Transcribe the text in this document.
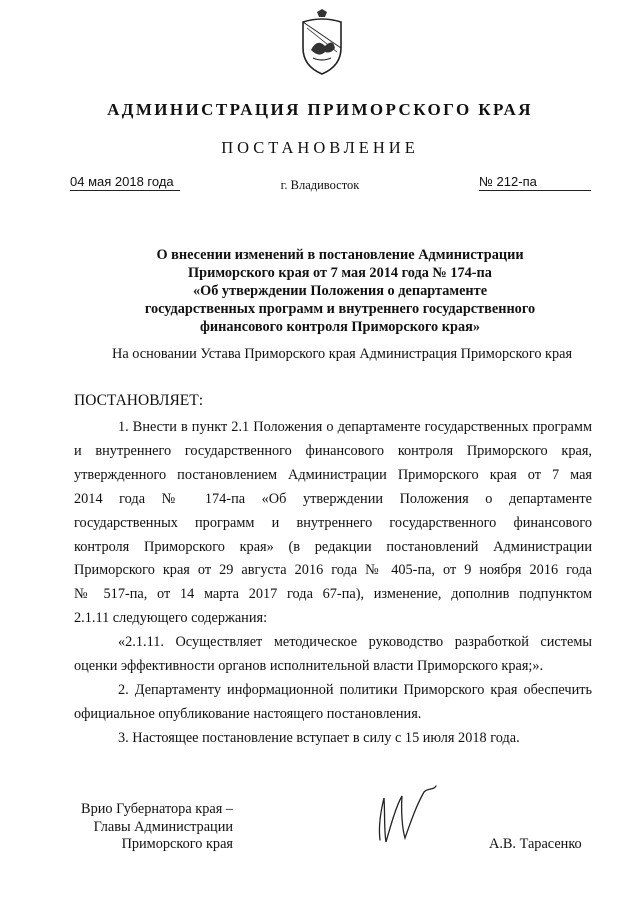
АДМИНИСТРАЦИЯ ПРИМОРСКОГО КРАЯ
ПОСТАНОВЛЕНИЕ
04 мая 2018 года	г. Владивосток	№ 212-па
О внесении изменений в постановление Администрации
Приморского края от 7 мая 2014 года № 174-па
«Об утверждении Положения о департаменте
государственных программ и внутреннего государственного
финансового контроля Приморского края»
На основании Устава Приморского края Администрация Приморского края
ПОСТАНОВЛЯЕТ:
1. Внести в пункт 2.1 Положения о департаменте государственных программ
и внутреннего государственного финансового контроля Приморского края,
утвержденного постановлением Администрации Приморского края от 7 мая
2014 года № 174-па «Об утверждении Положения о департаменте
государственных программ и внутреннего государственного финансового
контроля Приморского края» (в редакции постановлений Администрации
Приморского края от 29 августа 2016 года № 405-па, от 9 ноября 2016 года
№ 517-па, от 14 марта 2017 года 67-па), изменение, дополнив подпунктом
2.1.11 следующего содержания:
«2.1.11. Осуществляет методическое руководство разработкой системы
оценки эффективности органов исполнительной власти Приморского края;».
2. Департаменту информационной политики Приморского края обеспечить
официальное опубликование настоящего постановления.
3. Настоящее постановление вступает в силу с 15 июля 2018 года.
Врио Губернатора края –
Главы Администрации
Приморского края	А.В. Тарасенко
